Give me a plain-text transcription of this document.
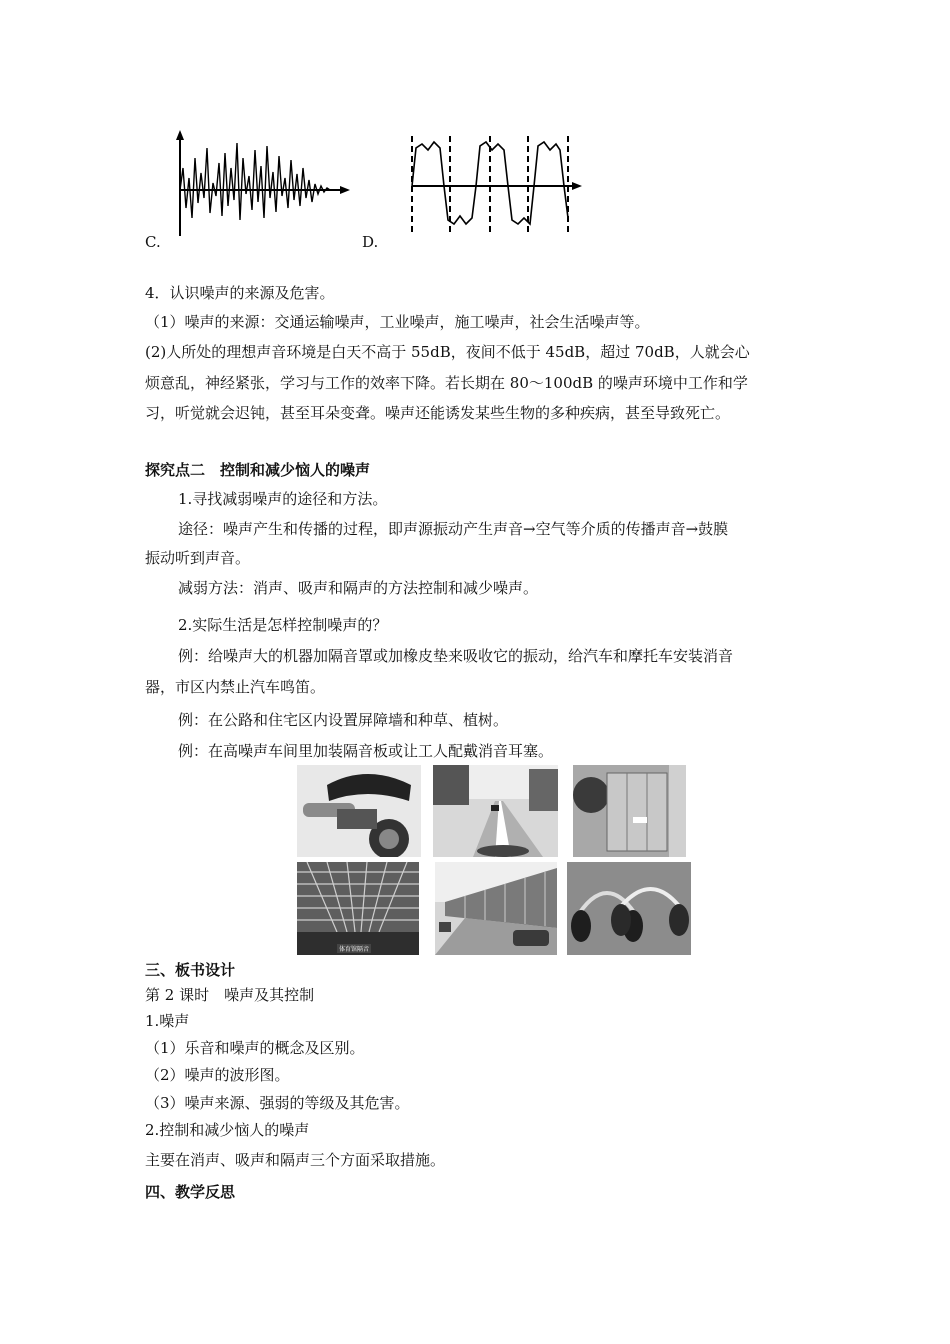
C.	D.
4．认识噪声的来源及危害。
（1）噪声的来源：交通运输噪声，工业噪声，施工噪声，社会生活噪声等。
(2)人所处的理想声音环境是白天不高于 55dB，夜间不低于 45dB，超过 70dB，人就会心
烦意乱，神经紧张，学习与工作的效率下降。若长期在 80～100dB 的噪声环境中工作和学
习，听觉就会迟钝，甚至耳朵变聋。噪声还能诱发某些生物的多种疾病，甚至导致死亡。
探究点二　控制和减少恼人的噪声
1.寻找减弱噪声的途径和方法。
途径：噪声产生和传播的过程，即声源振动产生声音→空气等介质的传播声音→鼓膜
振动听到声音。
减弱方法：消声、吸声和隔声的方法控制和减少噪声。
2.实际生活是怎样控制噪声的？
例：给噪声大的机器加隔音罩或加橡皮垫来吸收它的振动，给汽车和摩托车安装消音
器，市区内禁止汽车鸣笛。
例：在公路和住宅区内设置屏障墙和种草、植树。
例：在高噪声车间里加装隔音板或让工人配戴消音耳塞。
体育馆隔音
三、板书设计
第 2 课时　噪声及其控制
1.噪声
（1）乐音和噪声的概念及区别。
（2）噪声的波形图。
（3）噪声来源、强弱的等级及其危害。
2.控制和减少恼人的噪声
主要在消声、吸声和隔声三个方面采取措施。
四、教学反思
